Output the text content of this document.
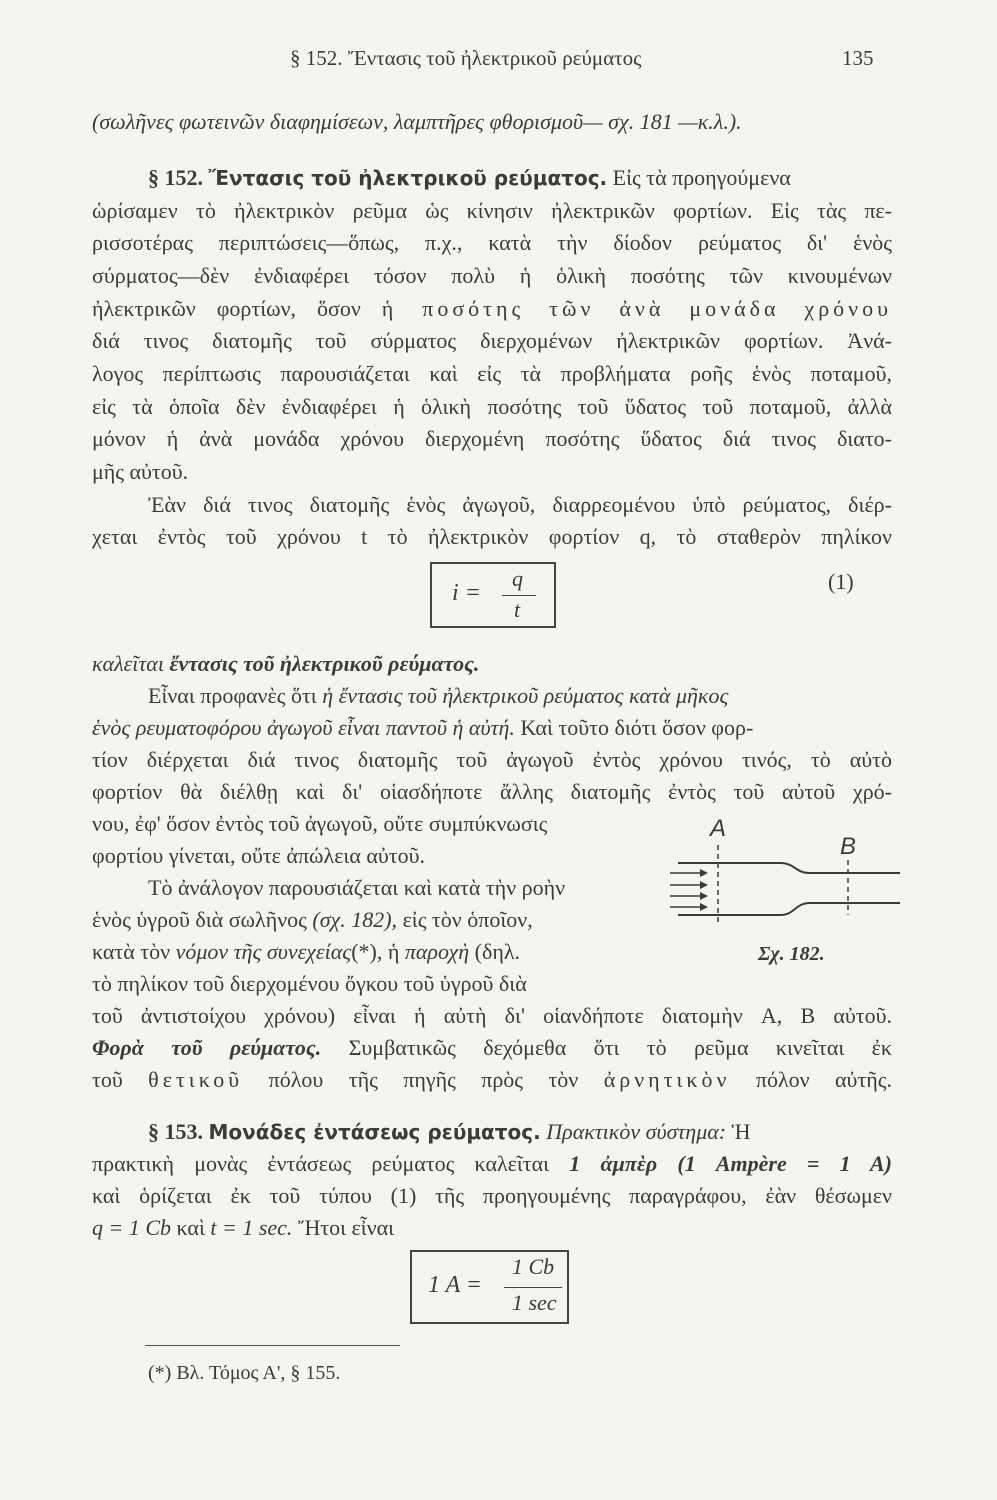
§ 152. Ἔντασις τοῦ ἠλεκτρικοῦ ρεύματος	135
(σωλῆνες φωτεινῶν διαφημίσεων, λαμπτῆρες φθορισμοῦ— σχ. 181 —κ.λ.).
§ 152. Ἔντασις τοῦ ἠλεκτρικοῦ ρεύματος. Εἰς τὰ προηγούμενα
ὡρίσαμεν τὸ ἠλεκτρικὸν ρεῦμα ὡς κίνησιν ἠλεκτρικῶν φορτίων. Εἰς τὰς πε-
ρισσοτέρας περιπτώσεις—ὅπως, π.χ., κατὰ τὴν δίοδον ρεύματος δι' ἑνὸς
σύρματος—δὲν ἐνδιαφέρει τόσον πολὺ ἡ ὁλικὴ ποσότης τῶν κινουμένων
ἠλεκτρικῶν φορτίων, ὅσον ἡ ποσότης τῶν ἀνὰ μονάδα χρόνου
διά τινος διατομῆς τοῦ σύρματος διερχομένων ἠλεκτρικῶν φορτίων. Ἀνά-
λογος περίπτωσις παρουσιάζεται καὶ εἰς τὰ προβλήματα ροῆς ἑνὸς ποταμοῦ,
εἰς τὰ ὁποῖα δὲν ἐνδιαφέρει ἡ ὁλικὴ ποσότης τοῦ ὕδατος τοῦ ποταμοῦ, ἀλλὰ
μόνον ἡ ἀνὰ μονάδα χρόνου διερχομένη ποσότης ὕδατος διά τινος διατο-
μῆς αὐτοῦ.
Ἐὰν διά τινος διατομῆς ἑνὸς ἀγωγοῦ, διαρρεομένου ὑπὸ ρεύματος, διέρ-
χεται ἐντὸς τοῦ χρόνου t τὸ ἠλεκτρικὸν φορτίον q, τὸ σταθερὸν πηλίκον
i =
q
t
(1)
καλεῖται ἔντασις τοῦ ἠλεκτρικοῦ ρεύματος.
Εἶναι προφανὲς ὅτι ἡ ἔντασις τοῦ ἠλεκτρικοῦ ρεύματος κατὰ μῆκος
ἑνὸς ρευματοφόρου ἀγωγοῦ εἶναι παντοῦ ἡ αὐτή. Καὶ τοῦτο διότι ὅσον φορ-
τίον διέρχεται διά τινος διατομῆς τοῦ ἀγωγοῦ ἐντὸς χρόνου τινός, τὸ αὐτὸ
φορτίον θὰ διέλθῃ καὶ δι' οἱασδήποτε ἄλλης διατομῆς ἐντὸς τοῦ αὐτοῦ χρό-
νου, ἐφ' ὅσον ἐντὸς τοῦ ἀγωγοῦ, οὔτε συμπύκνωσις
φορτίου γίνεται, οὔτε ἀπώλεια αὐτοῦ.
Τὸ ἀνάλογον παρουσιάζεται καὶ κατὰ τὴν ροὴν
ἑνὸς ὑγροῦ διὰ σωλῆνος (σχ. 182), εἰς τὸν ὁποῖον,
κατὰ τὸν νόμον τῆς συνεχείας(*), ἡ παροχὴ (δηλ.
τὸ πηλίκον τοῦ διερχομένου ὄγκου τοῦ ὑγροῦ διὰ
τοῦ ἀντιστοίχου χρόνου) εἶναι ἡ αὐτὴ δι' οἱανδήποτε διατομὴν A, B αὐτοῦ.
A
B
Σχ. 182.
Φορὰ τοῦ ρεύματος. Συμβατικῶς δεχόμεθα ὅτι τὸ ρεῦμα κινεῖται ἐκ
τοῦ θετικοῦ πόλου τῆς πηγῆς πρὸς τὸν ἀρνητικὸν πόλον αὐτῆς.
§ 153. Μονάδες ἐντάσεως ρεύματος. Πρακτικὸν σύστημα: Ἡ
πρακτικὴ μονὰς ἐντάσεως ρεύματος καλεῖται 1 ἀμπὲρ (1 Ampère = 1 A)
καὶ ὁρίζεται ἐκ τοῦ τύπου (1) τῆς προηγουμένης παραγράφου, ἐὰν θέσωμεν
q = 1 Cb καὶ t = 1 sec. Ἤτοι εἶναι
1 A =
1 Cb
1 sec
(*) Βλ. Τόμος Α', § 155.
